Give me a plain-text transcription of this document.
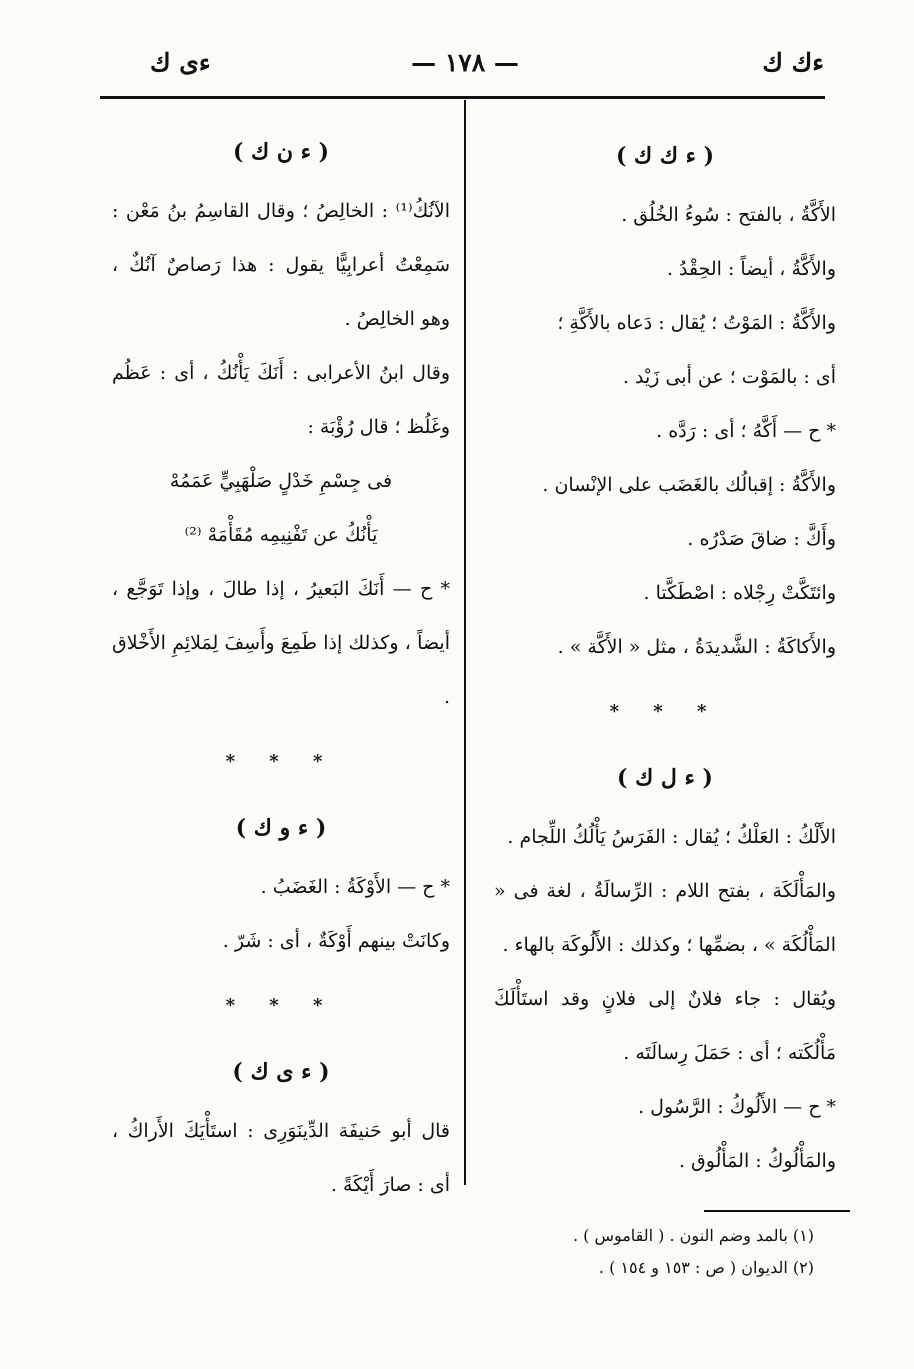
ءك ك
— ١٧٨ —
ءى ك

( ء ك ك )

الأَكَّةُ ، بالفتح : سُوءُ الخُلُق .

والأَكَّةُ ، أيضاً : الحِقْدُ .

والأَكَّةُ : المَوْتُ ؛ يُقال : دَعاه بالأَكَّةِ ؛

أى : بالمَوْت ؛ عن أبى زَيْد .

* ح — أَكَّهُ ؛ أى : رَدَّه .

والأَكَّةُ : إقبالُك بالغَضَب على الإنْسان .

وأَكَّ : ضاقَ صَدْرُه .

وائتَكَّتْ رِجْلاه : اصْطَكَّتا .

والأَكاكَةُ : الشَّديدَةُ ، مثل « الأَكَّة » .

* * *

( ء ل ك )

الأَلْكُ : العَلْكُ ؛ يُقال : الفَرَسُ يَأْلُكُ اللِّجام .

والمَأْلَكَة ، بفتح اللام : الرِّسالَةُ ، لغة فى « المَأْلُكَة » ، بضمِّها ؛ وكذلك : الأَلُوكَة بالهاء .

ويُقال : جاء فلانٌ إلى فلانٍ وقد استَأْلَكَ مَأْلُكَته ؛ أى : حَمَلَ رِسالَتَه .

* ح — الأَلُوكُ : الرَّسُول .

والمَأْلُوكُ : المَأْلُوق .

( ء ن ك )

الآنُكُ⁽¹⁾ : الخالِصُ ؛ وقال القاسِمُ بنُ مَعْن : سَمِعْتُ أعرابِيًّا يقول : هذا رَصاصٌ آنُكٌ ، وهو الخالِصُ .

وقال ابنُ الأعرابى : أَنَكَ يَأْنُكُ ، أى : عَظُم وغَلُظ ؛ قال رُؤْبَة :

فى جِسْمِ خَدْلٍ صَلْهَبِيٍّ عَمَمُهْ

يَأْنُكُ عن تَفْنِيمِه مُقَأْمَهْ ⁽²⁾

* ح — أَنَكَ البَعيرُ ، إذا طالَ ، وإذا تَوَجَّع ، أيضاً ، وكذلك إذا طَمِعَ وأَسِفَ لِمَلائِمِ الأَخْلاق .

* * *

( ء و ك )

* ح — الأَوْكَةُ : الغَضَبُ .

وكانَتْ بينهم أَوْكَةٌ ، أى : شَرّ .

* * *

( ء ى ك )

قال أبو حَنيفَة الدِّينَوَرِى : استَأْيَكَ الأَراكُ ، أى : صارَ أَيْكَةً .

(١) بالمد وضم النون . ( القاموس ) .

(٢) الديوان ( ص : ١٥٣ و ١٥٤ ) .
